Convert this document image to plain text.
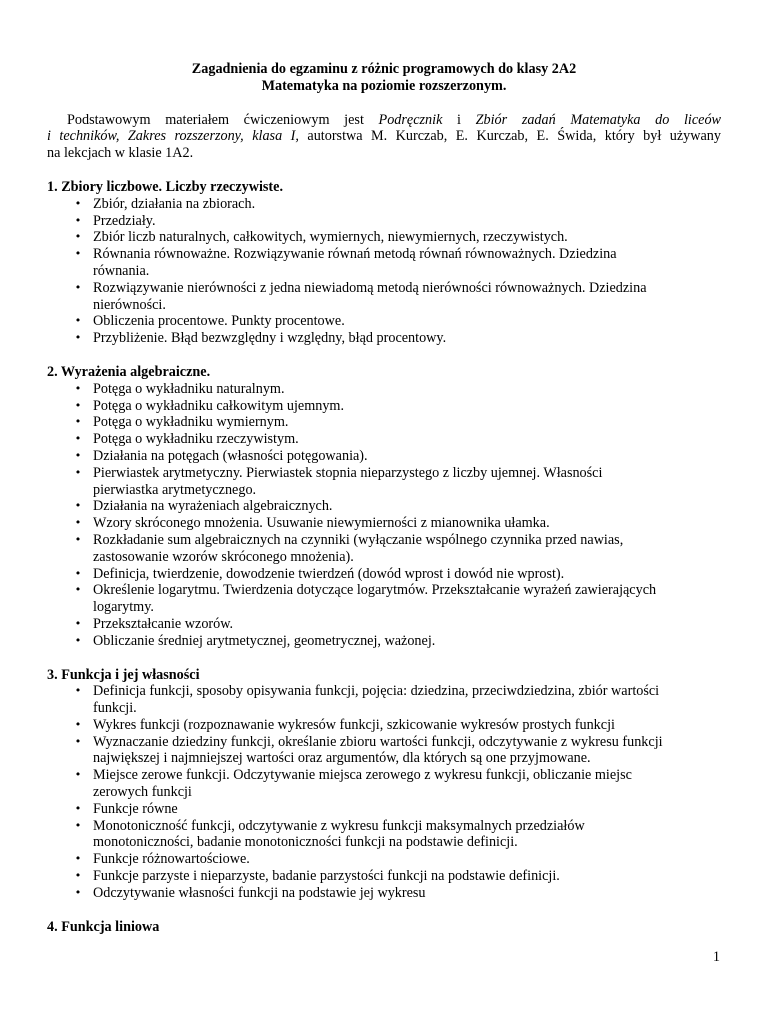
Zagadnienia do egzaminu z różnic programowych do klasy 2A2

Matematyka na poziomie rozszerzonym.

Podstawowym materiałem ćwiczeniowym jest Podręcznik i Zbiór zadań Matematyka do liceów
i techników, Zakres rozszerzony, klasa I, autorstwa M. Kurczab, E. Kurczab, E. Świda, który był używany
na lekcjach w klasie 1A2.

1. Zbiory liczbowe. Liczby rzeczywiste.

• Zbiór, działania na zbiorach.
• Przedziały.
• Zbiór liczb naturalnych, całkowitych, wymiernych, niewymiernych, rzeczywistych.
• Równania równoważne. Rozwiązywanie równań metodą równań równoważnych. Dziedzina
równania.
• Rozwiązywanie nierówności z jedna niewiadomą metodą nierówności równoważnych. Dziedzina
nierówności.
• Obliczenia procentowe. Punkty procentowe.
• Przybliżenie. Błąd bezwzględny i względny, błąd procentowy.

2. Wyrażenia algebraiczne.

• Potęga o wykładniku naturalnym.
• Potęga o wykładniku całkowitym ujemnym.
• Potęga o wykładniku wymiernym.
• Potęga o wykładniku rzeczywistym.
• Działania na potęgach (własności potęgowania).
• Pierwiastek arytmetyczny. Pierwiastek stopnia nieparzystego z liczby ujemnej. Własności
pierwiastka arytmetycznego.
• Działania na wyrażeniach algebraicznych.
• Wzory skróconego mnożenia. Usuwanie niewymierności z mianownika ułamka.
• Rozkładanie sum algebraicznych na czynniki (wyłączanie wspólnego czynnika przed nawias,
zastosowanie wzorów skróconego mnożenia).
• Definicja, twierdzenie, dowodzenie twierdzeń (dowód wprost i dowód nie wprost).
• Określenie logarytmu. Twierdzenia dotyczące logarytmów. Przekształcanie wyrażeń zawierających
logarytmy.
• Przekształcanie wzorów.
• Obliczanie średniej arytmetycznej, geometrycznej, ważonej.

3. Funkcja i jej własności

• Definicja funkcji, sposoby opisywania funkcji, pojęcia: dziedzina, przeciwdziedzina, zbiór wartości
funkcji.
• Wykres funkcji (rozpoznawanie wykresów funkcji, szkicowanie wykresów prostych funkcji
• Wyznaczanie dziedziny funkcji, określanie zbioru wartości funkcji, odczytywanie z wykresu funkcji
największej i najmniejszej wartości oraz argumentów, dla których są one przyjmowane.
• Miejsce zerowe funkcji. Odczytywanie miejsca zerowego z wykresu funkcji, obliczanie miejsc
zerowych funkcji
• Funkcje równe
• Monotoniczność funkcji, odczytywanie z wykresu funkcji maksymalnych przedziałów
monotoniczności, badanie monotoniczności funkcji na podstawie definicji.
• Funkcje różnowartościowe.
• Funkcje parzyste i nieparzyste, badanie parzystości funkcji na podstawie definicji.
• Odczytywanie własności funkcji na podstawie jej wykresu

4. Funkcja liniowa

1
